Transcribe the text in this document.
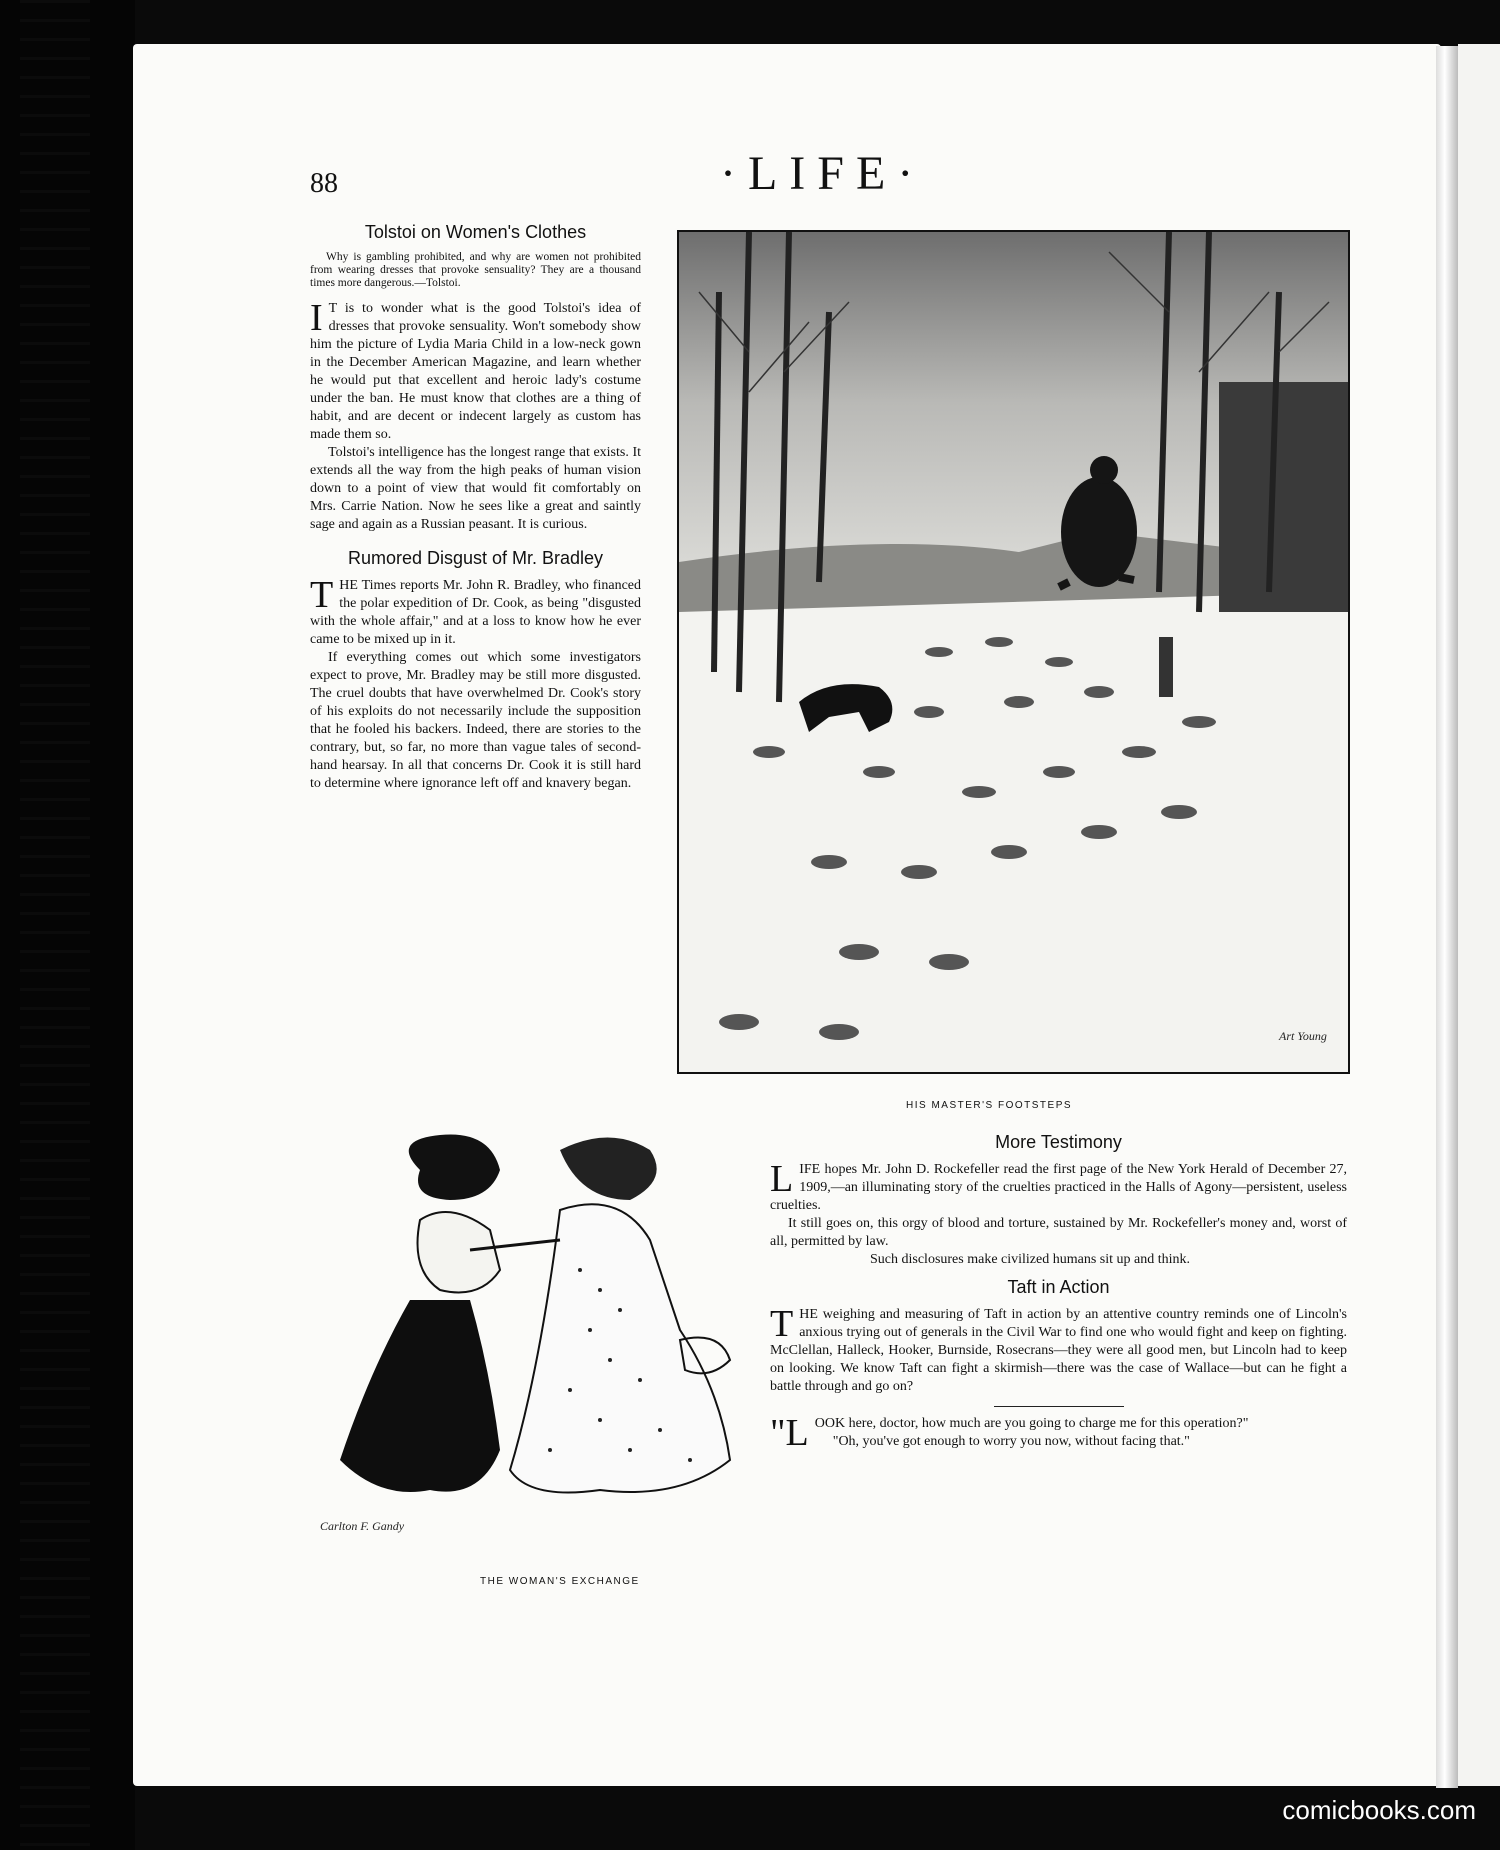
88	·LIFE·
Tolstoi on Women's Clothes
Why is gambling prohibited, and why are women not prohibited from wearing dresses that provoke sensuality? They are a thousand times more dangerous.—Tolstoi.

I T is to wonder what is the good Tolstoi's idea of dresses that provoke sensuality. Won't somebody show him the picture of Lydia Maria Child in a low-neck gown in the December American Magazine, and learn whether he would put that excellent and heroic lady's costume under the ban. He must know that clothes are a thing of habit, and are decent or indecent largely as custom has made them so.

Tolstoi's intelligence has the longest range that exists. It extends all the way from the high peaks of human vision down to a point of view that would fit comfortably on Mrs. Carrie Nation. Now he sees like a great and saintly sage and again as a Russian peasant. It is curious.

Rumored Disgust of Mr. Bradley

THE Times reports Mr. John R. Bradley, who financed the polar expedition of Dr. Cook, as being "disgusted with the whole affair," and at a loss to know how he ever came to be mixed up in it.

If everything comes out which some investigators expect to prove, Mr. Bradley may be still more disgusted. The cruel doubts that have overwhelmed Dr. Cook's story of his exploits do not necessarily include the supposition that he fooled his backers. Indeed, there are stories to the contrary, but, so far, no more than vague tales of second-hand hearsay. In all that concerns Dr. Cook it is still hard to determine where ignorance left off and knavery began.

Art Young
HIS MASTER'S FOOTSTEPS
Carlton F. Gandy
THE WOMAN'S EXCHANGE
More Testimony

LIFE hopes Mr. John D. Rockefeller read the first page of the New York Herald of December 27, 1909,—an illuminating story of the cruelties practiced in the Halls of Agony—persistent, useless cruelties.

It still goes on, this orgy of blood and torture, sustained by Mr. Rockefeller's money and, worst of all, permitted by law.

Such disclosures make civilized humans sit up and think.

Taft in Action

THE weighing and measuring of Taft in action by an attentive country reminds one of Lincoln's anxious trying out of generals in the Civil War to find one who would fight and keep on fighting. McClellan, Halleck, Hooker, Burnside, Rosecrans—they were all good men, but Lincoln had to keep on looking. We know Taft can fight a skirmish—there was the case of Wallace—but can he fight a battle through and go on?

"LOOK here, doctor, how much are you going to charge me for this operation?"

"Oh, you've got enough to worry you now, without facing that."

comicbooks.com
